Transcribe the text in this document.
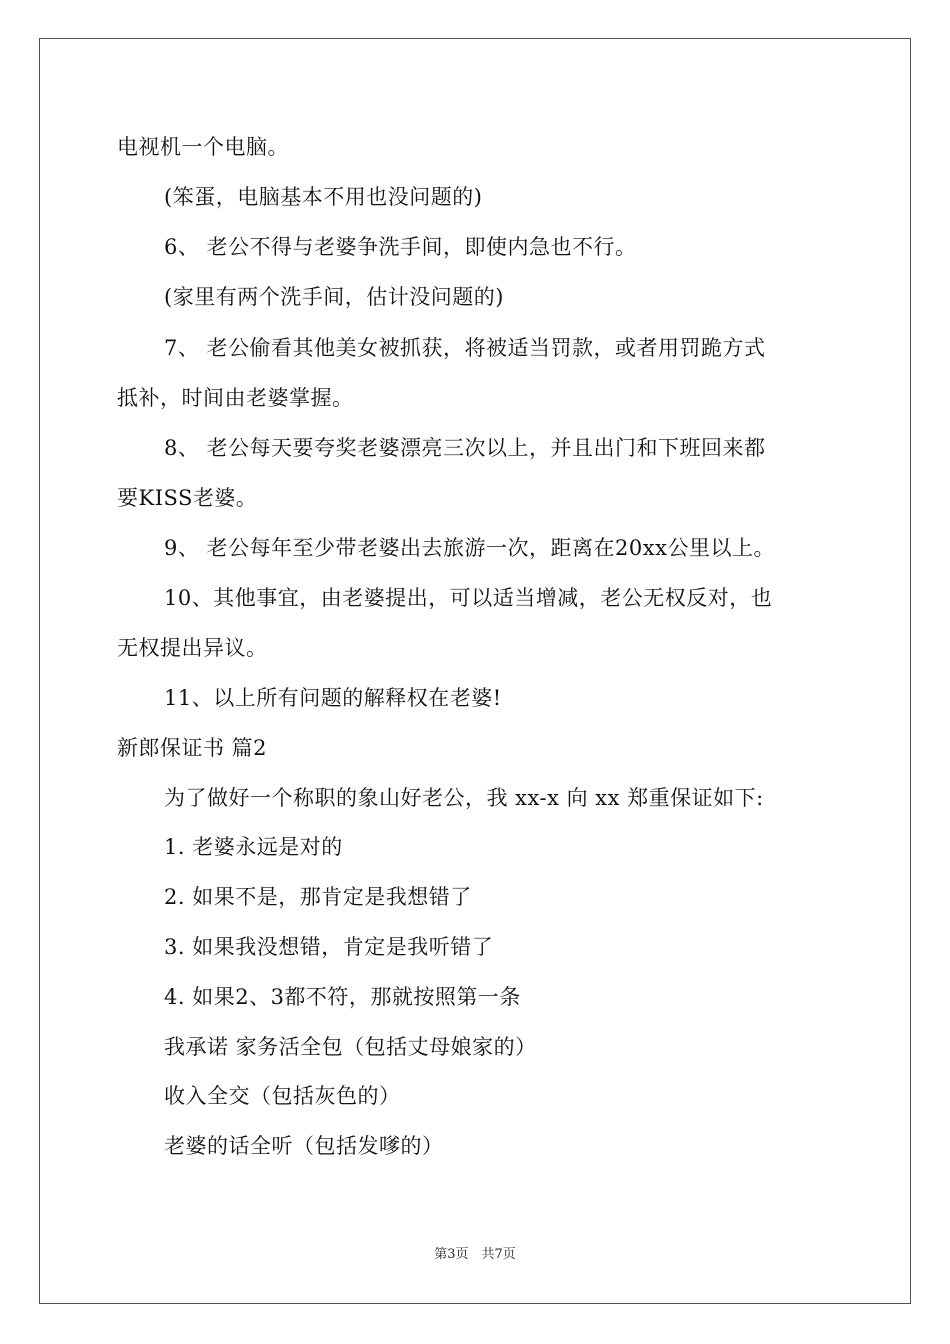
电视机一个电脑。
(笨蛋，电脑基本不用也没问题的)
6、 老公不得与老婆争洗手间，即使内急也不行。
(家里有两个洗手间，估计没问题的)
7、 老公偷看其他美女被抓获，将被适当罚款，或者用罚跪方式
抵补，时间由老婆掌握。
8、 老公每天要夸奖老婆漂亮三次以上，并且出门和下班回来都
要KISS老婆。
9、 老公每年至少带老婆出去旅游一次，距离在20xx公里以上。
10、其他事宜，由老婆提出，可以适当增减，老公无权反对，也
无权提出异议。
11、以上所有问题的解释权在老婆!
新郎保证书 篇2
为了做好一个称职的象山好老公，我 xx-x 向 xx 郑重保证如下:
1. 老婆永远是对的
2. 如果不是，那肯定是我想错了
3. 如果我没想错，肯定是我听错了
4. 如果2、3都不符，那就按照第一条
我承诺 家务活全包（包括丈母娘家的）
收入全交（包括灰色的）
老婆的话全听（包括发嗲的）
第3页　共7页
